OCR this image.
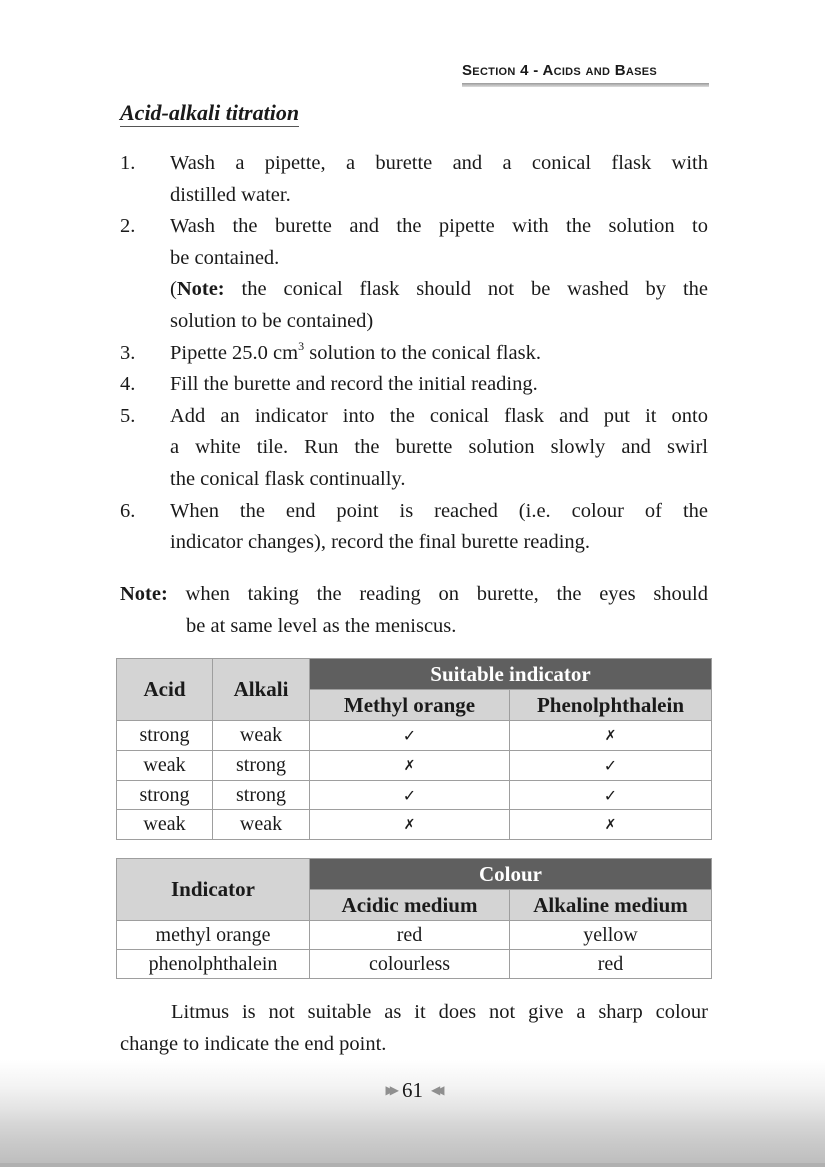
Section 4 - Acids and Bases
Acid-alkali titration
1.	Wash a pipette, a burette and a conical flask with

distilled water.

2.	Wash the burette and the pipette with the solution to

be contained.

(Note: the conical flask should not be washed by the

solution to be contained)

3.	Pipette 25.0 $cm^3$ solution to the conical flask.

4.	Fill the burette and record the initial reading.

5.	Add an indicator into the conical flask and put it onto

a white tile. Run the burette solution slowly and swirl

the conical flask continually.

6.	When the end point is reached (i.e. colour of the

indicator changes), record the final burette reading.

Note: when taking the reading on burette, the eyes should
be at same level as the meniscus.
Acid	Alkali	Suitable indicator	
		Methyl orange	Phenolphthalein
strong	weak	✓	✗
weak	strong	✗	✓
strong	strong	✓	✓
weak	weak	✗	✗
Indicator	Colour	
	Acidic medium	Alkaline medium
methyl orange	red	yellow
phenolphthalein	colourless	red
Litmus is not suitable as it does not give a sharp colour
change to indicate the end point.
▶▶ 61 ◀◀
